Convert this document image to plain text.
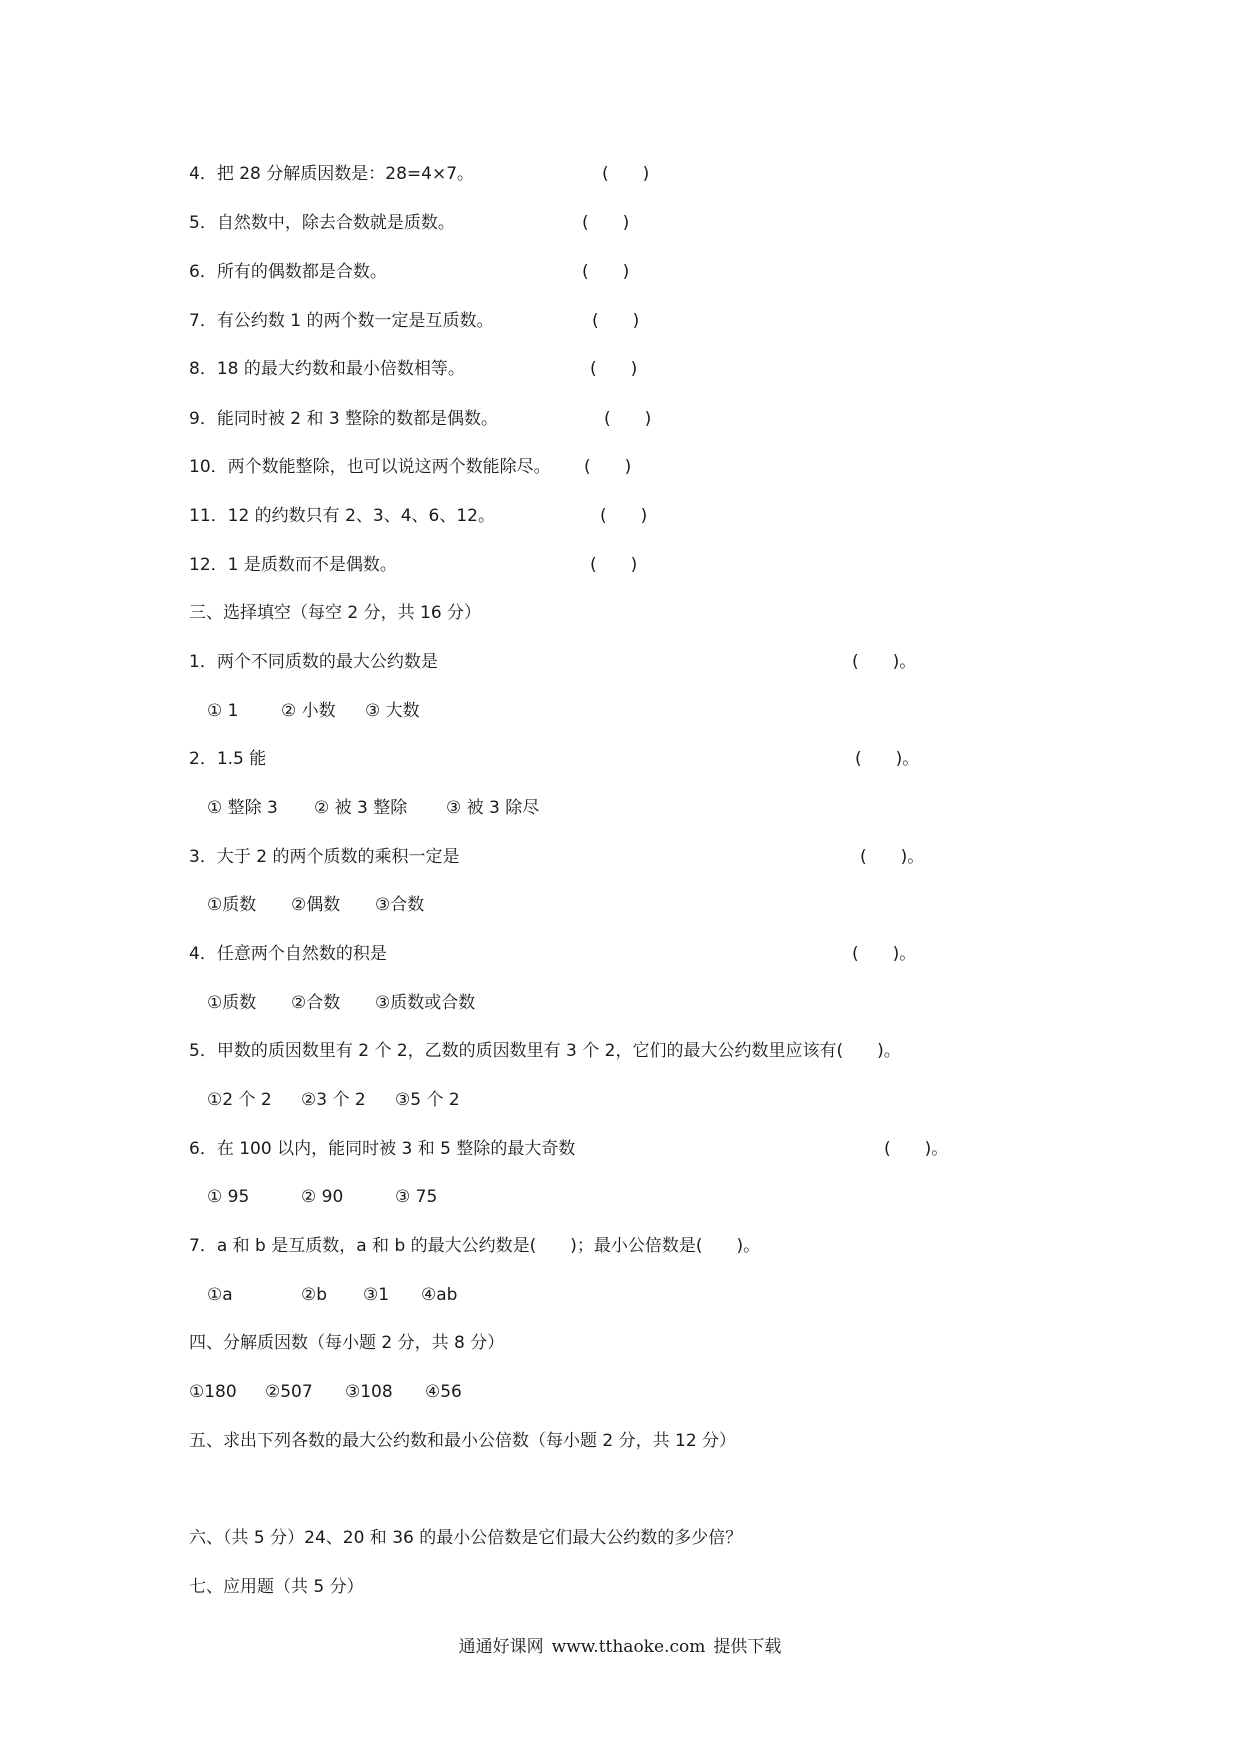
4．把 28 分解质因数是：28=4×7。	(　　)
5．自然数中，除去合数就是质数。	(　　)
6．所有的偶数都是合数。	(　　)
7．有公约数 1 的两个数一定是互质数。	(　　)
8．18 的最大约数和最小倍数相等。	(　　)
9．能同时被 2 和 3 整除的数都是偶数。	(　　)
10．两个数能整除，也可以说这两个数能除尽。 (　　)
11．12 的约数只有 2、3、4、6、12。	(　　)
12．1 是质数而不是偶数。	(　　)
三、选择填空（每空 2 分，共 16 分）
1．两个不同质数的最大公约数是	(　　)。
① 1	② 小数 ③ 大数
2．1.5 能	(　　)。
① 整除 3 ② 被 3 整除 ③ 被 3 除尽
3．大于 2 的两个质数的乘积一定是	(　　)。
①质数 ②偶数 ③合数
4．任意两个自然数的积是	(　　)。
①质数 ②合数 ③质数或合数
5．甲数的质因数里有 2 个 2，乙数的质因数里有 3 个 2，它们的最大公约数里应该有(　　)。
①2 个 2 ②3 个 2 ③5 个 2
6．在 100 以内，能同时被 3 和 5 整除的最大奇数	(　　)。
① 95	② 90	③ 75
7．a 和 b 是互质数，a 和 b 的最大公约数是(　　)；最小公倍数是(　　)。
①a	②b ③1 ④ab
四、分解质因数（每小题 2 分，共 8 分）
①180 ②507 ③108 ④56
五、求出下列各数的最大公约数和最小公倍数（每小题 2 分，共 12 分）
六、（共 5 分）24、20 和 36 的最小公倍数是它们最大公约数的多少倍？
七、应用题（共 5 分）
通通好课网 www.tthaoke.com 提供下载
